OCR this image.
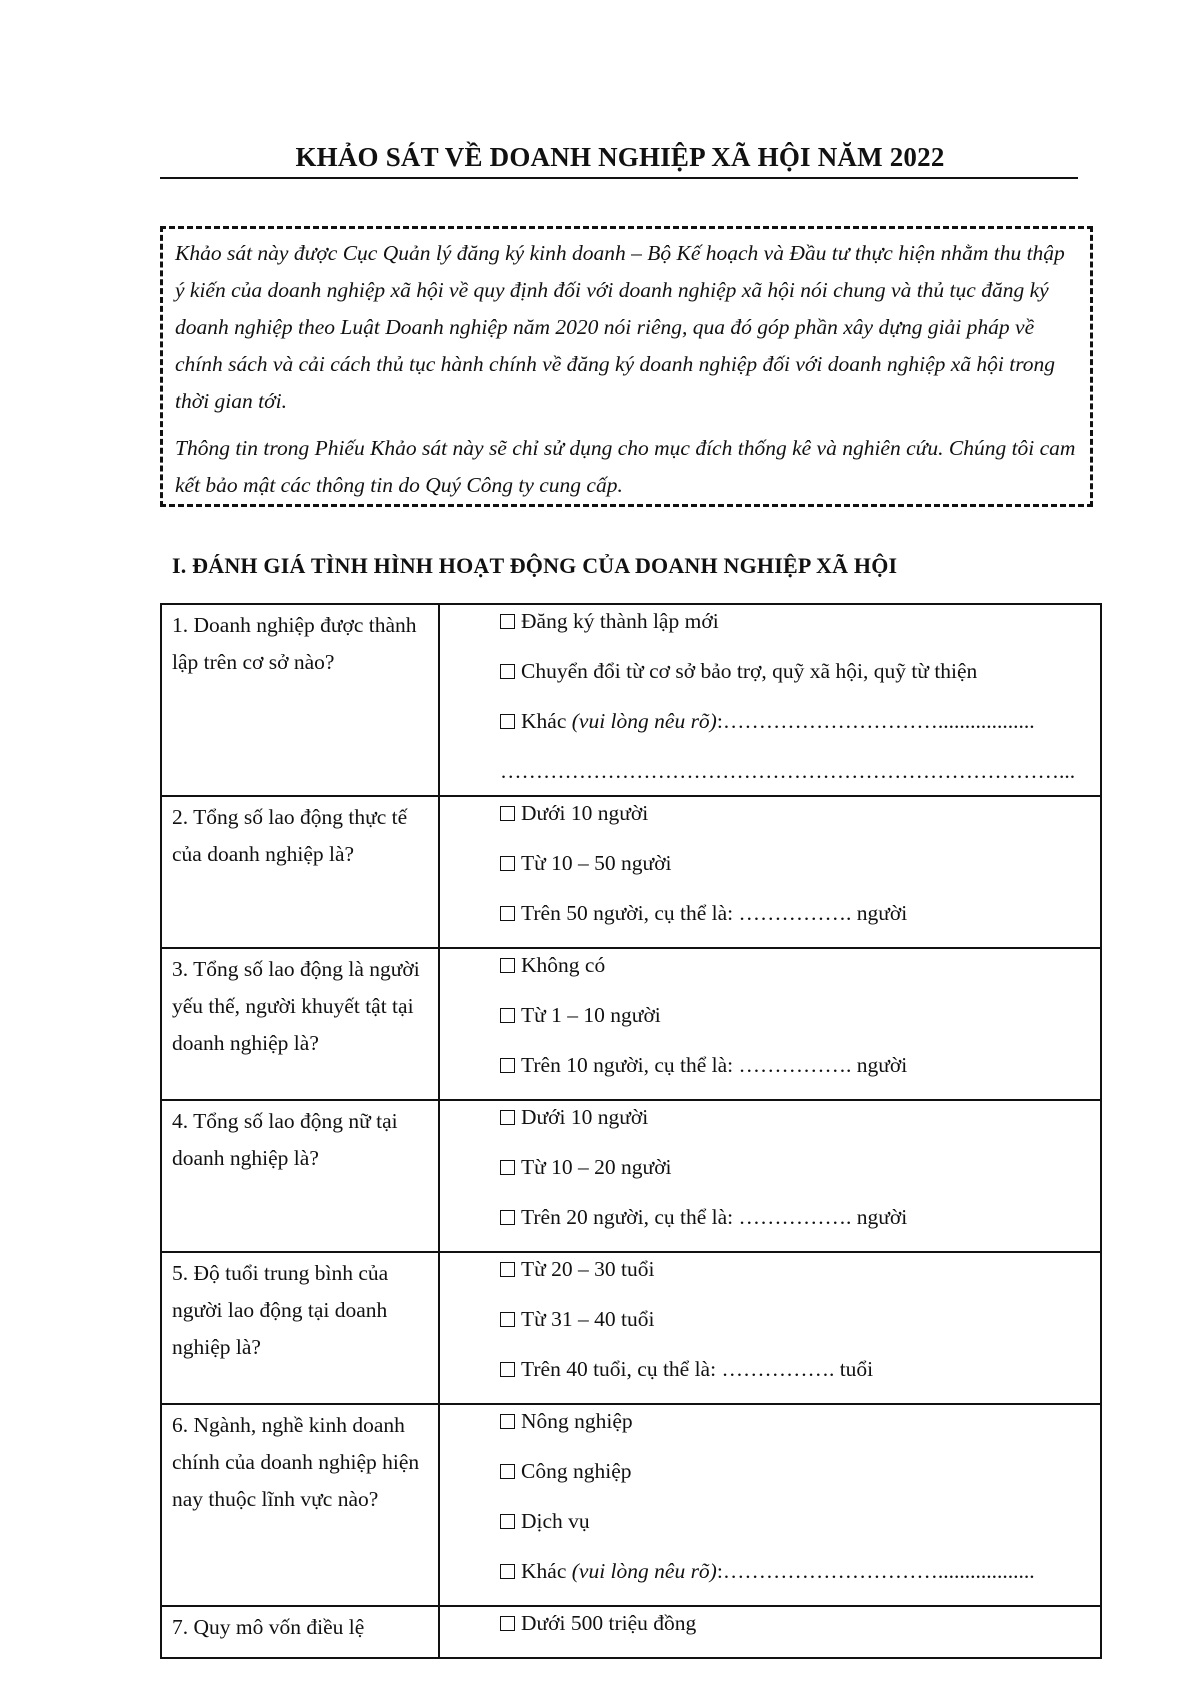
KHẢO SÁT VỀ DOANH NGHIỆP XÃ HỘI NĂM 2022

Khảo sát này được Cục Quản lý đăng ký kinh doanh – Bộ Kế hoạch và Đầu tư thực hiện nhằm thu thập ý kiến của doanh nghiệp xã hội về quy định đối với doanh nghiệp xã hội nói chung và thủ tục đăng ký doanh nghiệp theo Luật Doanh nghiệp năm 2020 nói riêng, qua đó góp phần xây dựng giải pháp về chính sách và cải cách thủ tục hành chính về đăng ký doanh nghiệp đối với doanh nghiệp xã hội trong thời gian tới.

Thông tin trong Phiếu Khảo sát này sẽ chỉ sử dụng cho mục đích thống kê và nghiên cứu. Chúng tôi cam kết bảo mật các thông tin do Quý Công ty cung cấp.

I. ĐÁNH GIÁ TÌNH HÌNH HOẠT ĐỘNG CỦA DOANH NGHIỆP XÃ HỘI
1. Doanh nghiệp được thành lập trên cơ sở nào?	Đăng ký thành lập mới
Chuyển đổi từ cơ sở bảo trợ, quỹ xã hội, quỹ từ thiện
Khác (vui lòng nêu rõ):…………………………..................
……………………………………………………………………...

2. Tổng số lao động thực tế của doanh nghiệp là?	Dưới 10 người
Từ 10 – 50 người
Trên 50 người, cụ thể là: ……………. người

3. Tổng số lao động là người yếu thế, người khuyết tật tại doanh nghiệp là?	Không có
Từ 1 – 10 người
Trên 10 người, cụ thể là: ……………. người

4. Tổng số lao động nữ tại doanh nghiệp là?	Dưới 10 người
Từ 10 – 20 người
Trên 20 người, cụ thể là: ……………. người

5. Độ tuổi trung bình của người lao động tại doanh nghiệp là?	Từ 20 – 30 tuổi
Từ 31 – 40 tuổi
Trên 40 tuổi, cụ thể là: ……………. tuổi

6. Ngành, nghề kinh doanh chính của doanh nghiệp hiện nay thuộc lĩnh vực nào?	Nông nghiệp
Công nghiệp
Dịch vụ
Khác (vui lòng nêu rõ):…………………………..................

7. Quy mô vốn điều lệ	Dưới 500 triệu đồng
